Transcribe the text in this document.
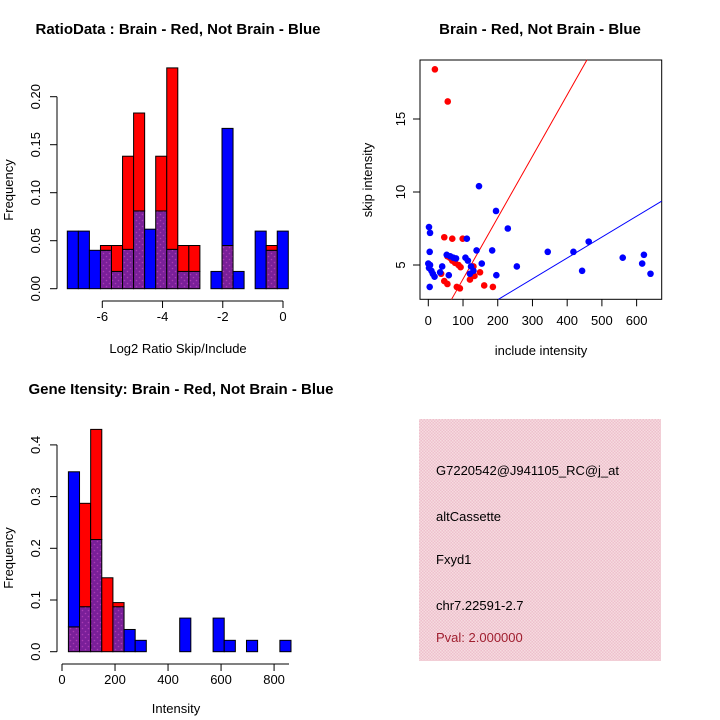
RatioData : Brain - Red, Not Brain - Blue
Log2 Ratio Skip/Include
Frequency
0.00
0.05
0.10
0.15
0.20
-6	-4	-2	0
Brain - Red, Not Brain - Blue
include intensity
skip intensity
0 100 200 300 400 500 600
5
10
15
Gene Itensity: Brain - Red, Not Brain - Blue
Intensity
Frequency
0.0
0.1
0.2
0.3
0.4
0	200 400 600 800
G7220542@J941105_RC@j_at
altCassette
Fxyd1
chr7.22591-2.7
Pval: 2.000000
